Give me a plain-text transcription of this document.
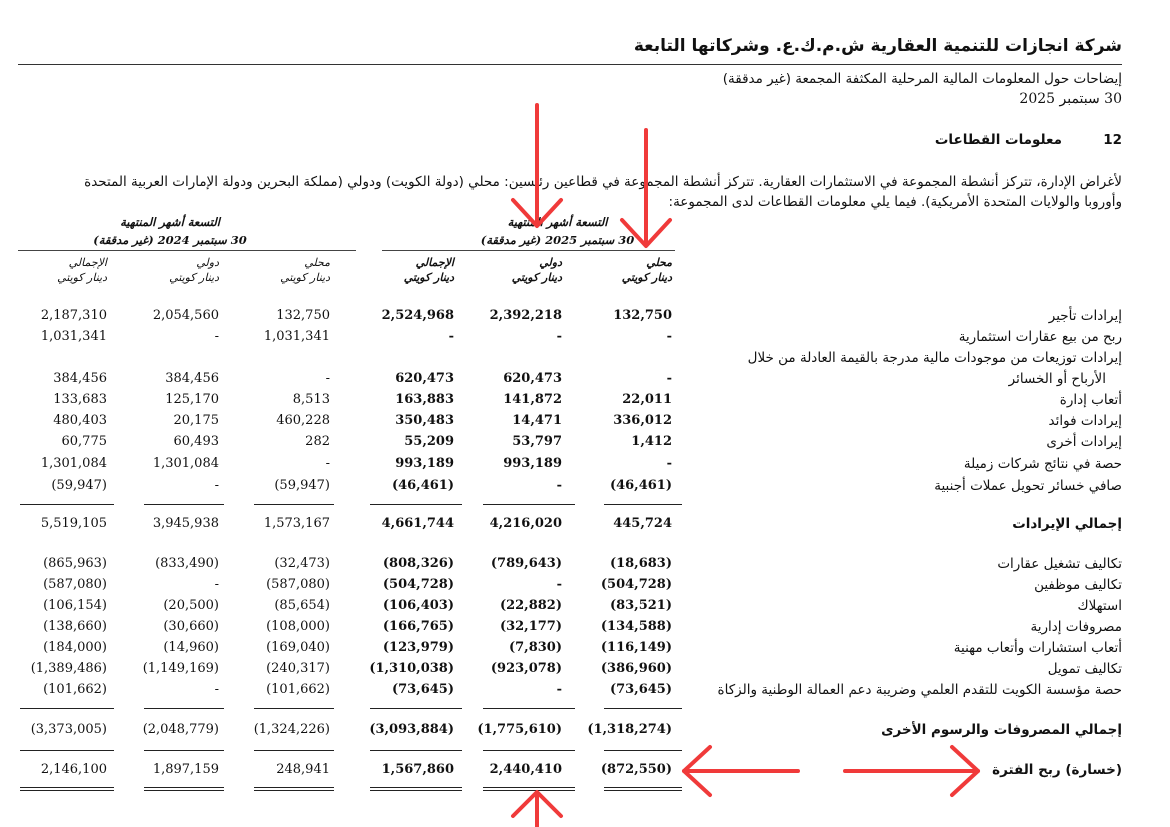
شركة انجازات للتنمية العقارية ش.م.ك.ع. وشركاتها التابعة
إيضاحات حول المعلومات المالية المرحلية المكثفة المجمعة (غير مدققة)
30 سبتمبر 2025
12معلومات القطاعات
لأغراض الإدارة، تتركز أنشطة المجموعة في الاستثمارات العقارية. تتركز أنشطة المجموعة في قطاعين رئيسين: محلي (دولة الكويت) ودولي (مملكة البحرين ودولة الإمارات العربية المتحدة
وأوروبا والولايات المتحدة الأمريكية). فيما يلي معلومات القطاعات لدى المجموعة:
التسعة أشهر المنتهية
30 سبتمبر 2025 (غير مدققة)
التسعة أشهر المنتهية
30 سبتمبر 2024 (غير مدققة)
محلي
دينار كويتي
دولي
دينار كويتي
الإجمالي
دينار كويتي
محلي
دينار كويتي
دولي
دينار كويتي
الإجمالي
دينار كويتي
إيرادات تأجير
132,750
2,392,218
2,524,968
132,750
2,054,560
2,187,310
ربح من بيع عقارات استثمارية
-
-
-
1,031,341
-
1,031,341
إيرادات توزيعات من موجودات مالية مدرجة بالقيمة العادلة من خلال
الأرباح أو الخسائر
-
620,473
620,473
-
384,456
384,456
أتعاب إدارة
22,011
141,872
163,883
8,513
125,170
133,683
إيرادات فوائد
336,012
14,471
350,483
460,228
20,175
480,403
إيرادات أخرى
1,412
53,797
55,209
282
60,493
60,775
حصة في نتائج شركات زميلة
-
993,189
993,189
-
1,301,084
1,301,084
صافي خسائر تحويل عملات أجنبية
(46,461)
-
(46,461)
(59,947)
-
(59,947)
إجمالي الإيرادات
445,724
4,216,020
4,661,744
1,573,167
3,945,938
5,519,105
تكاليف تشغيل عقارات
(18,683)
(789,643)
(808,326)
(32,473)
(833,490)
(865,963)
تكاليف موظفين
(504,728)
-
(504,728)
(587,080)
-
(587,080)
استهلاك
(83,521)
(22,882)
(106,403)
(85,654)
(20,500)
(106,154)
مصروفات إدارية
(134,588)
(32,177)
(166,765)
(108,000)
(30,660)
(138,660)
أتعاب استشارات وأتعاب مهنية
(116,149)
(7,830)
(123,979)
(169,040)
(14,960)
(184,000)
تكاليف تمويل
(386,960)
(923,078)
(1,310,038)
(240,317)
(1,149,169)
(1,389,486)
حصة مؤسسة الكويت للتقدم العلمي وضريبة دعم العمالة الوطنية والزكاة
(73,645)
-
(73,645)
(101,662)
-
(101,662)
إجمالي المصروفات والرسوم الأخرى
(1,318,274)
(1,775,610)
(3,093,884)
(1,324,226)
(2,048,779)
(3,373,005)
(خسارة) ربح الفترة
(872,550)
2,440,410
1,567,860
248,941
1,897,159
2,146,100
